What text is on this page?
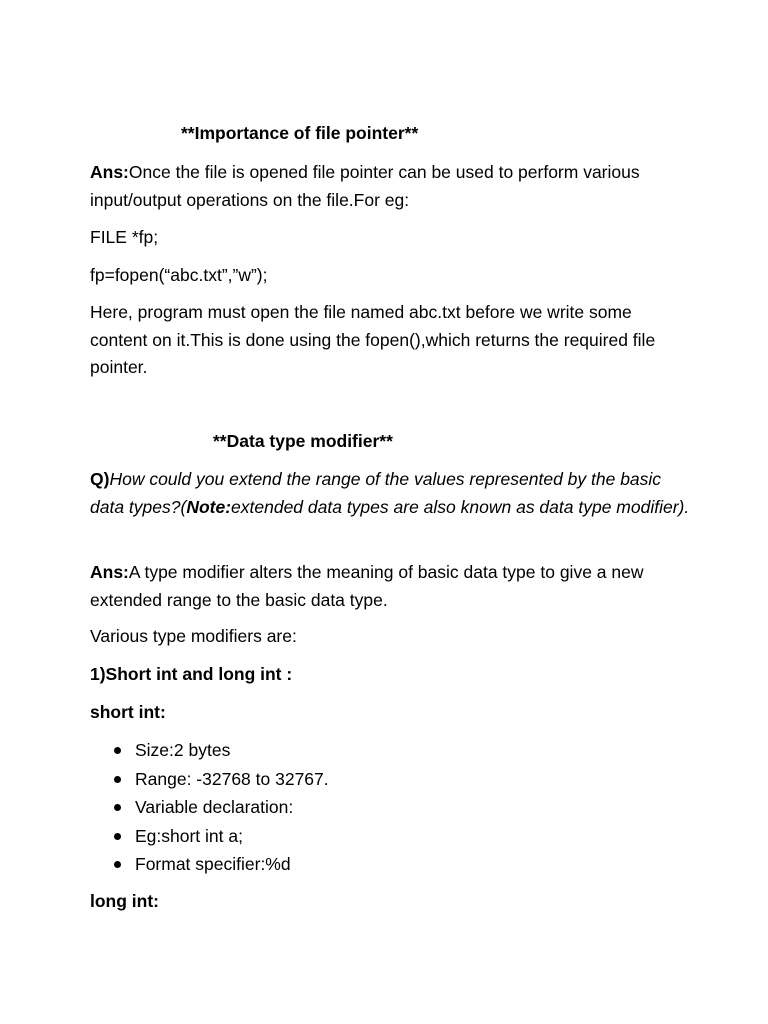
**Importance of file pointer**

Ans:Once the file is opened file pointer can be used to perform various input/output operations on the file.For eg:

FILE *fp;

fp=fopen(“abc.txt”,”w”);

Here, program must open the file named abc.txt before we write some content on it.This is done using the fopen(),which returns the required file pointer.

**Data type modifier**

Q)How could you extend the range of the values represented by the basic data types?(Note:extended data types are also known as data type modifier).

Ans:A type modifier alters the meaning of basic data type to give a new extended range to the basic data type.

Various type modifiers are:

1)Short int and long int :

short int:

Size:2 bytes
Range: -32768 to 32767.
Variable declaration:
Eg:short int a;
Format specifier:%d

long int:
